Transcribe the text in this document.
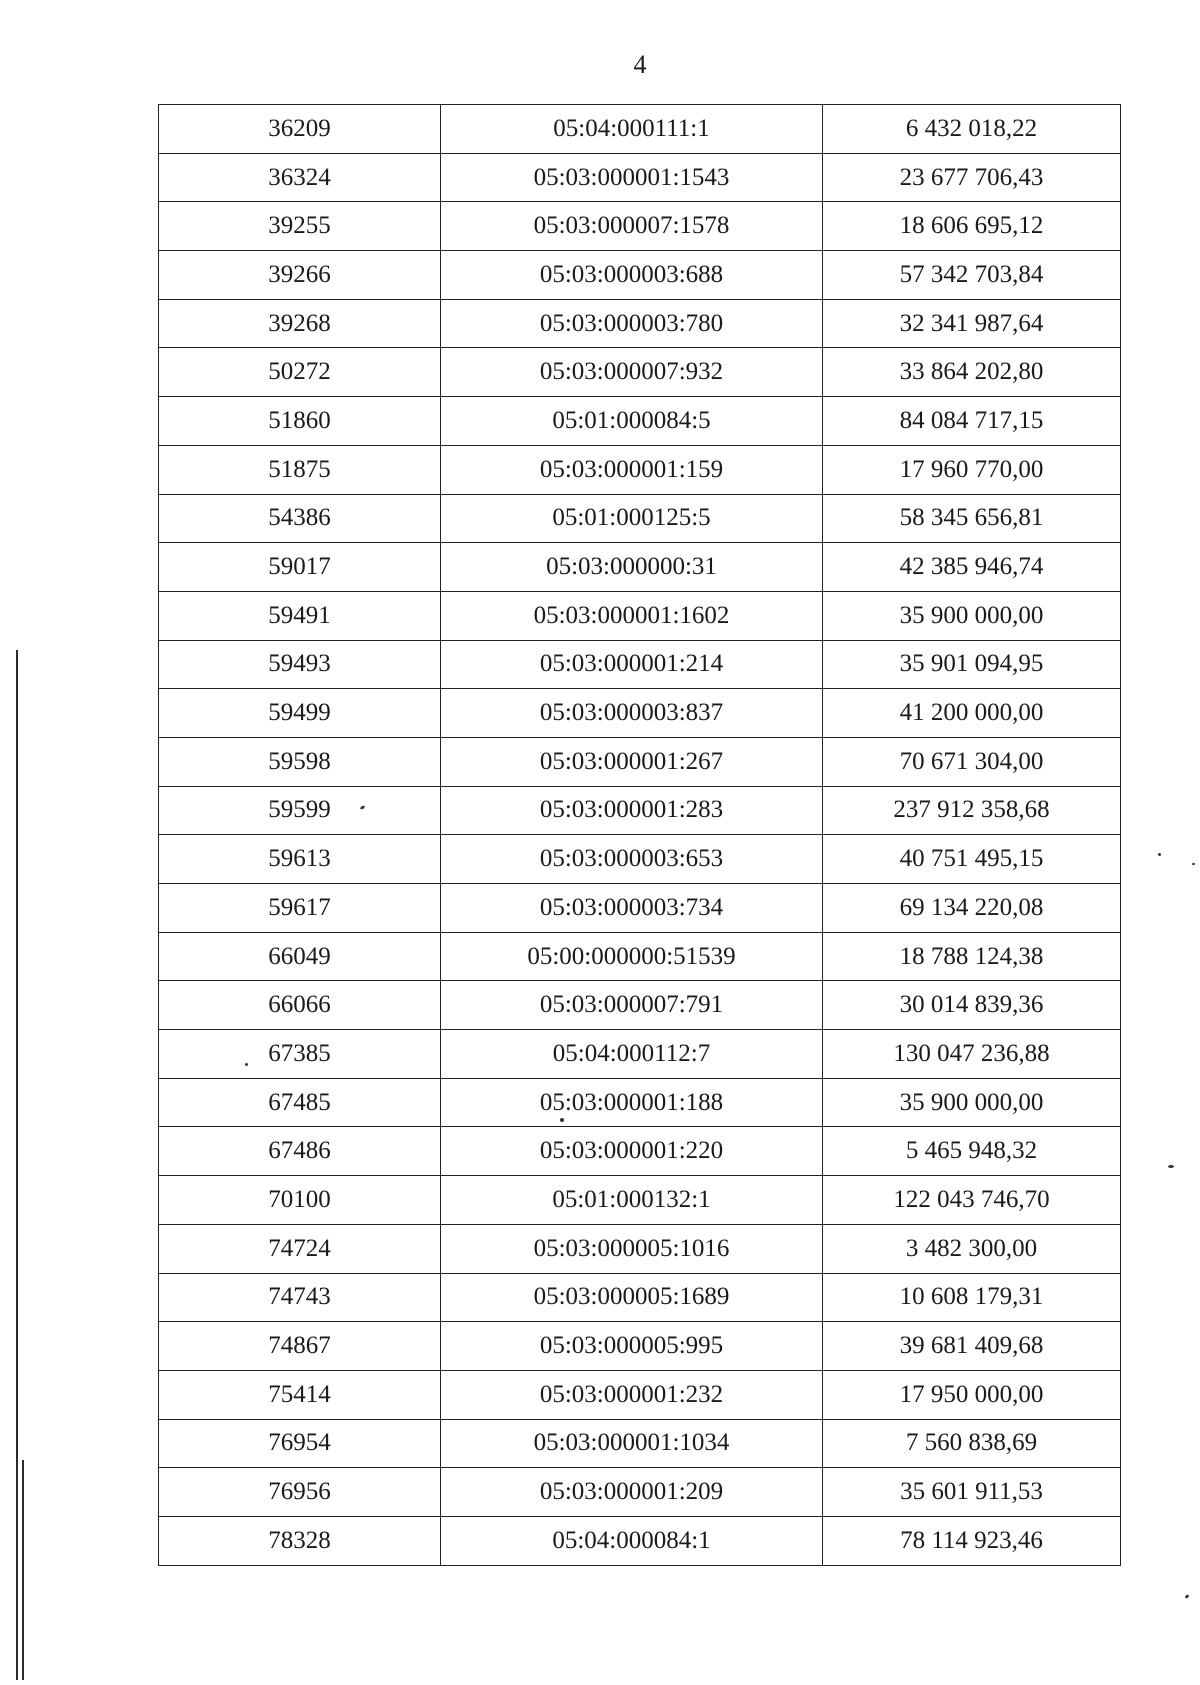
4
36209	05:04:000111:1	6 432 018,22
36324	05:03:000001:1543	23 677 706,43
39255	05:03:000007:1578	18 606 695,12
39266	05:03:000003:688	57 342 703,84
39268	05:03:000003:780	32 341 987,64
50272	05:03:000007:932	33 864 202,80
51860	05:01:000084:5	84 084 717,15
51875	05:03:000001:159	17 960 770,00
54386	05:01:000125:5	58 345 656,81
59017	05:03:000000:31	42 385 946,74
59491	05:03:000001:1602	35 900 000,00
59493	05:03:000001:214	35 901 094,95
59499	05:03:000003:837	41 200 000,00
59598	05:03:000001:267	70 671 304,00
59599	05:03:000001:283	237 912 358,68
59613	05:03:000003:653	40 751 495,15
59617	05:03:000003:734	69 134 220,08
66049	05:00:000000:51539	18 788 124,38
66066	05:03:000007:791	30 014 839,36
67385	05:04:000112:7	130 047 236,88
67485	05:03:000001:188	35 900 000,00
67486	05:03:000001:220	5 465 948,32
70100	05:01:000132:1	122 043 746,70
74724	05:03:000005:1016	3 482 300,00
74743	05:03:000005:1689	10 608 179,31
74867	05:03:000005:995	39 681 409,68
75414	05:03:000001:232	17 950 000,00
76954	05:03:000001:1034	7 560 838,69
76956	05:03:000001:209	35 601 911,53
78328	05:04:000084:1	78 114 923,46
